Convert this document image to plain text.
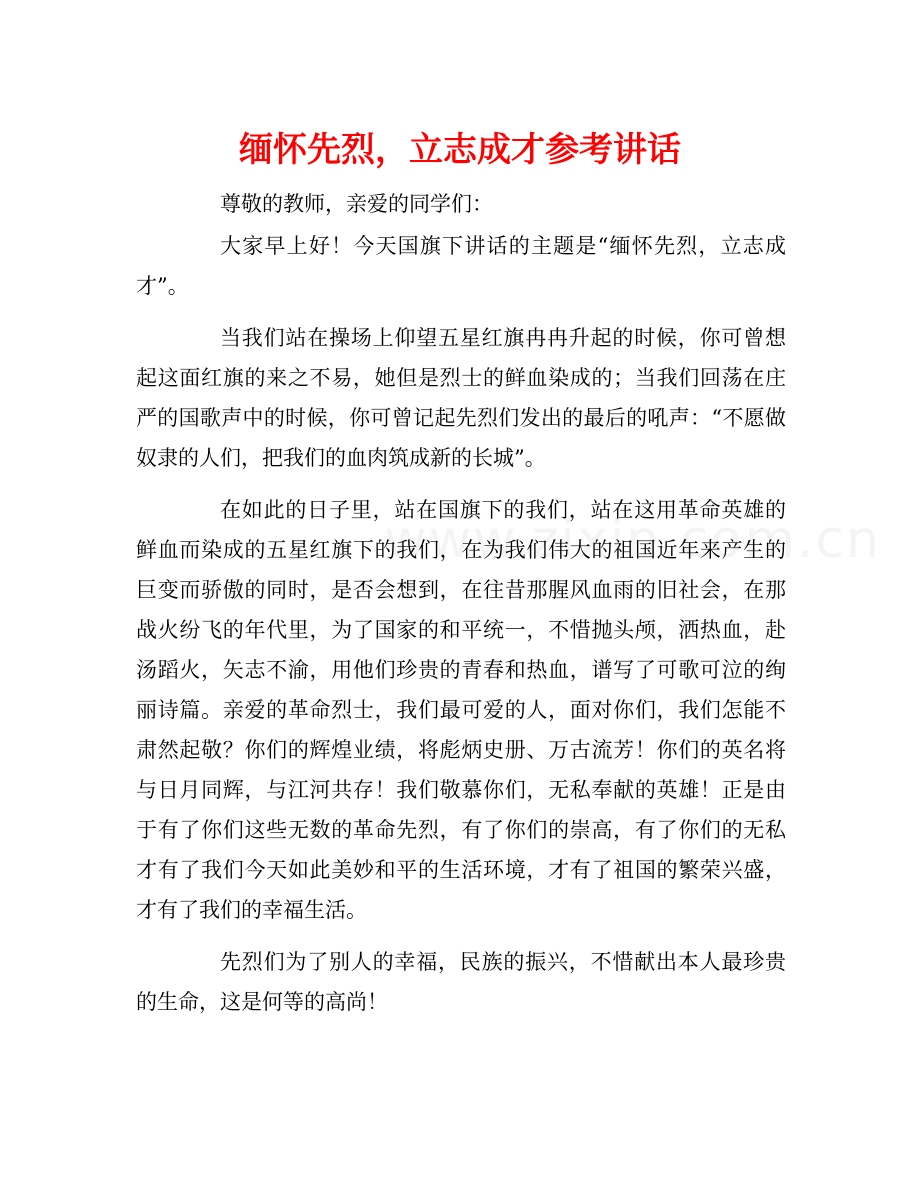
缅怀先烈，立志成才参考讲话

尊敬的教师，亲爱的同学们：

大家早上好！今天国旗下讲话的主题是“缅怀先烈，立志成才”。

当我们站在操场上仰望五星红旗冉冉升起的时候，你可曾想起这面红旗的来之不易，她但是烈士的鲜血染成的；当我们回荡在庄严的国歌声中的时候，你可曾记起先烈们发出的最后的吼声：“不愿做奴隶的人们，把我们的血肉筑成新的长城”。

在如此的日子里，站在国旗下的我们，站在这用革命英雄的鲜血而染成的五星红旗下的我们，在为我们伟大的祖国近年来产生的巨变而骄傲的同时，是否会想到，在往昔那腥风血雨的旧社会，在那战火纷飞的年代里，为了国家的和平统一，不惜抛头颅，洒热血，赴汤蹈火，矢志不渝，用他们珍贵的青春和热血，谱写了可歌可泣的绚丽诗篇。亲爱的革命烈士，我们最可爱的人，面对你们，我们怎能不肃然起敬？你们的辉煌业绩，将彪炳史册、万古流芳！你们的英名将与日月同辉，与江河共存！我们敬慕你们，无私奉献的英雄！正是由于有了你们这些无数的革命先烈，有了你们的崇高，有了你们的无私才有了我们今天如此美妙和平的生活环境，才有了祖国的繁荣兴盛，才有了我们的幸福生活。

先烈们为了别人的幸福，民族的振兴，不惜献出本人最珍贵的生命，这是何等的高尚！
